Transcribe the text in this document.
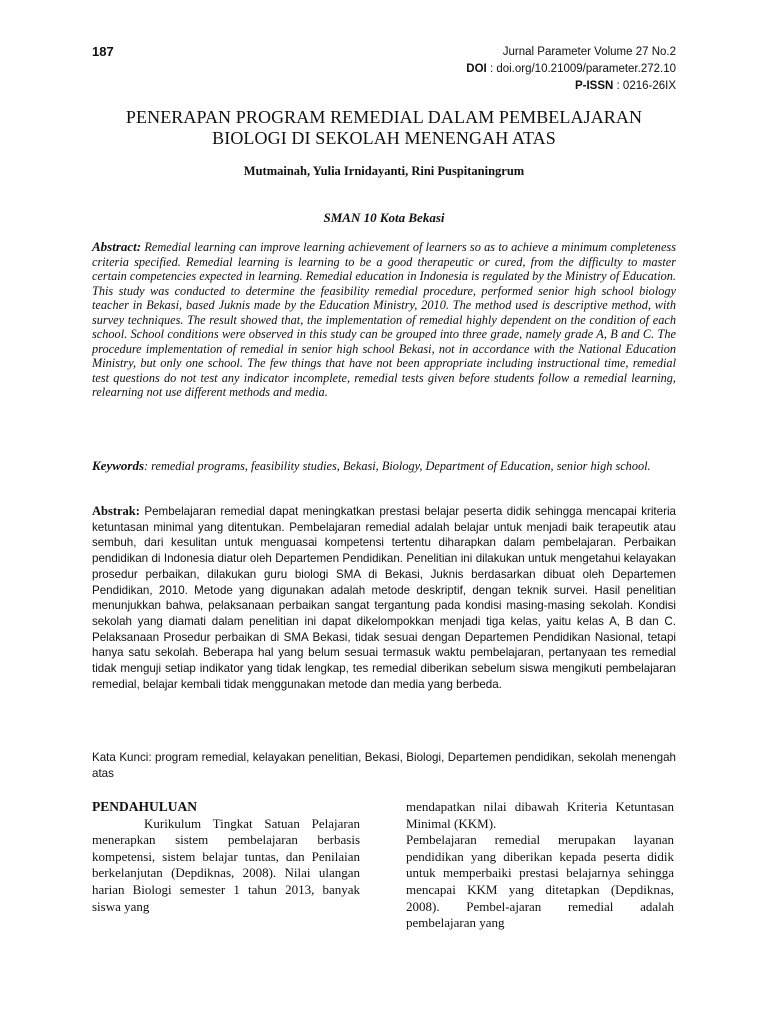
187	Jurnal Parameter Volume 27 No.2
DOI : doi.org/10.21009/parameter.272.10
P-ISSN : 0216-26IX
PENERAPAN PROGRAM REMEDIAL DALAM PEMBELAJARAN
BIOLOGI DI SEKOLAH MENENGAH ATAS
Mutmainah, Yulia Irnidayanti, Rini Puspitaningrum
SMAN 10 Kota Bekasi

Abstract: Remedial learning can improve learning achievement of learners so as to achieve a minimum completeness criteria specified. Remedial learning is learning to be a good therapeutic or cured, from the difficulty to master certain competencies expected in learning. Remedial education in Indonesia is regulated by the Ministry of Education. This study was conducted to determine the feasibility remedial procedure, performed senior high school biology teacher in Bekasi, based Juknis made by the Education Ministry, 2010. The method used is descriptive method, with survey techniques. The result showed that, the implementation of remedial highly dependent on the condition of each school. School conditions were observed in this study can be grouped into three grade, namely grade A, B and C. The procedure implementation of remedial in senior high school Bekasi, not in accordance with the National Education Ministry, but only one school. The few things that have not been appropriate including instructional time, remedial test questions do not test any indicator incomplete, remedial tests given before students follow a remedial learning, relearning not use different methods and media.

Keywords: remedial programs, feasibility studies, Bekasi, Biology, Department of Education, senior high school.

Abstrak: Pembelajaran remedial dapat meningkatkan prestasi belajar peserta didik sehingga mencapai kriteria ketuntasan minimal yang ditentukan. Pembelajaran remedial adalah belajar untuk menjadi baik terapeutik atau sembuh, dari kesulitan untuk menguasai kompetensi tertentu diharapkan dalam pembelajaran. Perbaikan pendidikan di Indonesia diatur oleh Departemen Pendidikan. Penelitian ini dilakukan untuk mengetahui kelayakan prosedur perbaikan, dilakukan guru biologi SMA di Bekasi, Juknis berdasarkan dibuat oleh Departemen Pendidikan, 2010. Metode yang digunakan adalah metode deskriptif, dengan teknik survei. Hasil penelitian menunjukkan bahwa, pelaksanaan perbaikan sangat tergantung pada kondisi masing-masing sekolah. Kondisi sekolah yang diamati dalam penelitian ini dapat dikelompokkan menjadi tiga kelas, yaitu kelas A, B dan C. Pelaksanaan Prosedur perbaikan di SMA Bekasi, tidak sesuai dengan Departemen Pendidikan Nasional, tetapi hanya satu sekolah. Beberapa hal yang belum sesuai termasuk waktu pembelajaran, pertanyaan tes remedial tidak menguji setiap indikator yang tidak lengkap, tes remedial diberikan sebelum siswa mengikuti pembelajaran remedial, belajar kembali tidak menggunakan metode dan media yang berbeda.

Kata Kunci: program remedial, kelayakan penelitian, Bekasi, Biologi, Departemen pendidikan, sekolah menengah atas

PENDAHULUAN

Kurikulum Tingkat Satuan Pelajaran menerapkan sistem pembelajaran berbasis kompetensi, sistem belajar tuntas, dan Penilaian berkelanjutan (Depdiknas, 2008). Nilai ulangan harian Biologi semester 1 tahun 2013, banyak siswa yang

mendapatkan nilai dibawah Kriteria Ketuntasan Minimal (KKM).

Pembelajaran remedial merupakan layanan pendidikan yang diberikan kepada peserta didik untuk memperbaiki prestasi belajarnya sehingga mencapai KKM yang ditetapkan (Depdiknas, 2008). Pembel-ajaran remedial adalah pembelajaran yang
